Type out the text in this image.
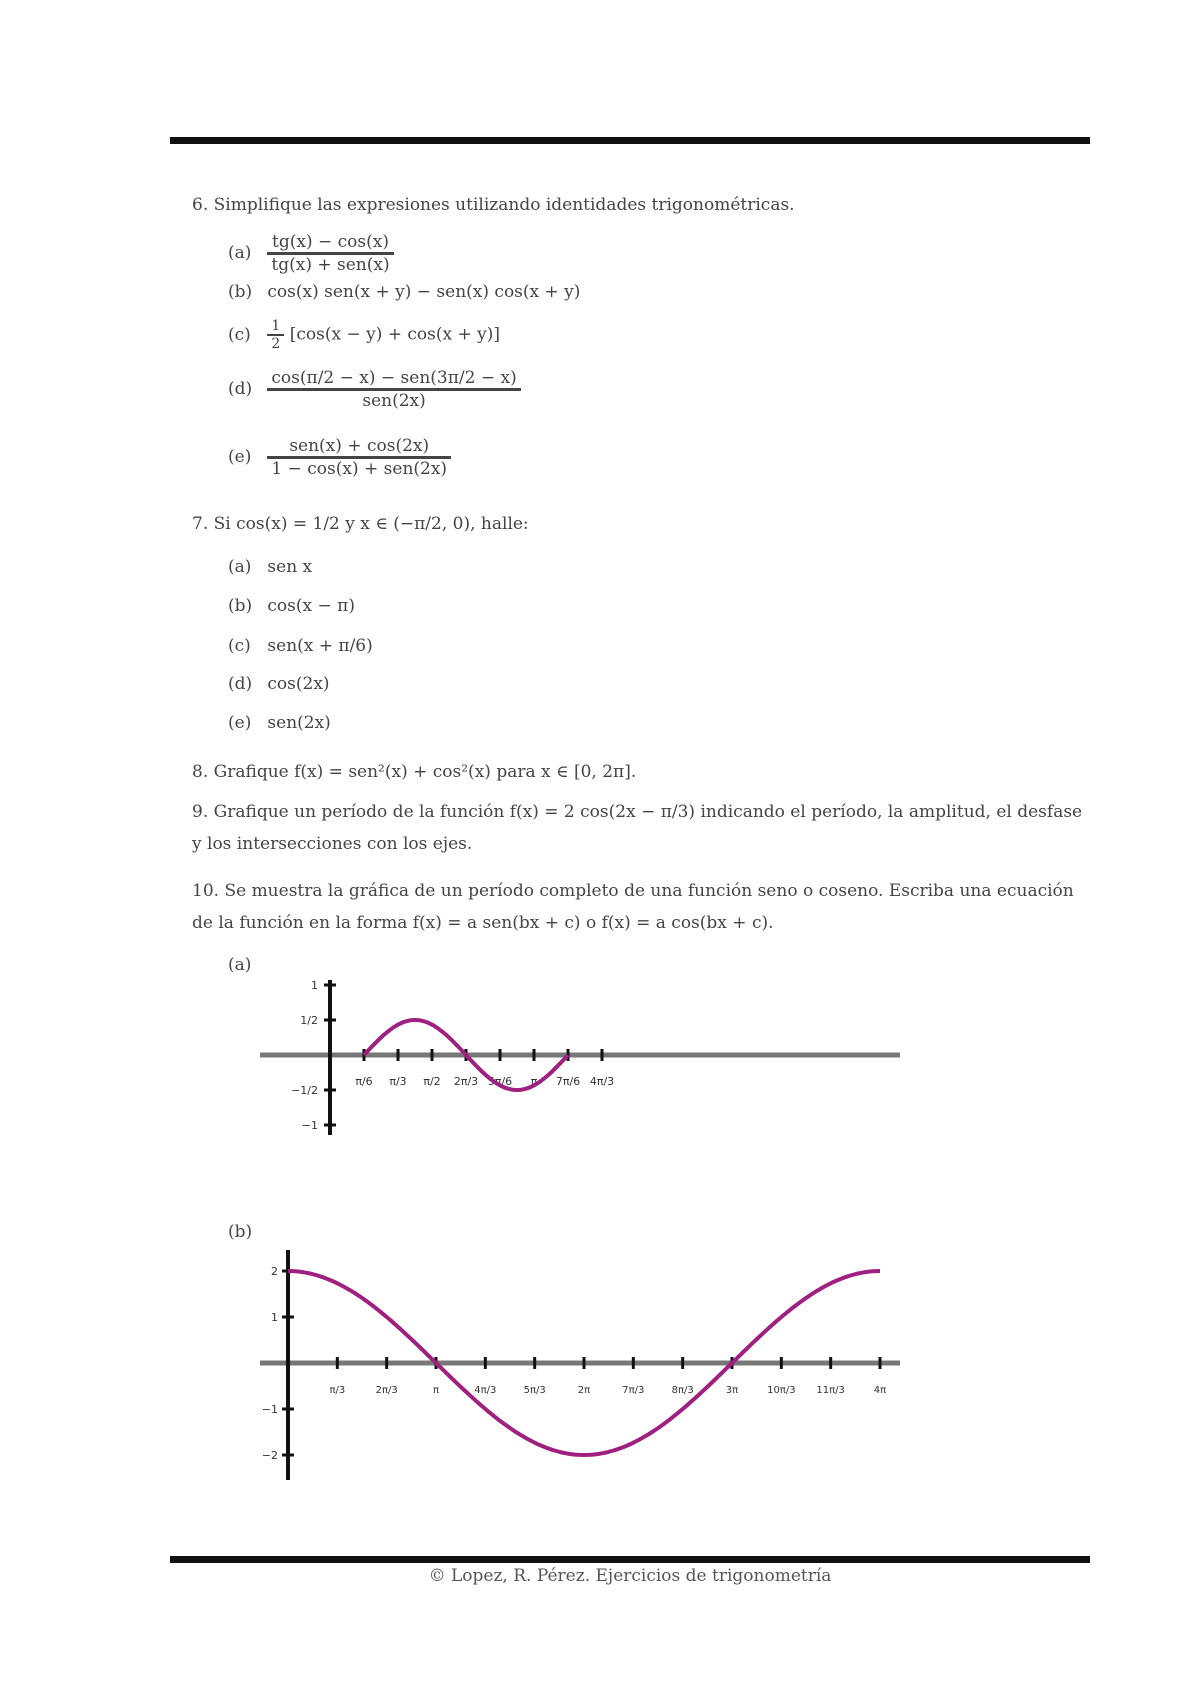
6. Simplifique las expresiones utilizando identidades trigonométricas.
$(a) \frac{tg(x) - \cos(x)}{\text{tg(x) + sen(x)}}$
(b) cos(x) sen(x + y) − sen(x) cos(x + y)
$(c) \frac{1}{2} [\cos(x - y) + \cos(x + y)]$
$(d) \frac{\text{cos(π/2 − x) − sen(3π/2 − x)}}{\text{sen(2x)}}$
$(e) \frac{\text{sen(x) + cos(2x)}}{\text{1 − cos(x) + sen(2x)}}$
7. Si cos(x) = 1/2 y x ∈ (−π/2, 0), halle:
(a) sen x
(b) cos(x − π)
(c) sen(x + π/6)
(d) cos(2x)
(e) sen(2x)
8. Grafique f(x) = sen²(x) + cos²(x) para x ∈ [0, 2π].
9. Grafique un período de la función f(x) = 2 cos(2x − π/3) indicando el período, la amplitud, el desfase y los intersecciones con los ejes.
10. Se muestra la gráfica de un período completo de una función seno o coseno. Escriba una ecuación de la función en la forma f(x) = a sen(bx + c) o f(x) = a cos(bx + c).
(a)
π/6 π/3 π/2 2π/3 5π/6 π 7π/6 4π/3
1
1/2
−1/2
−1
(b)
π/3	2π/3	π	4π/3	5π/3	2π	7π/3	8π/3	3π	10π/3 11π/3	4π
2
1
−1
−2
© Lopez, R. Pérez. Ejercicios de trigonometría
